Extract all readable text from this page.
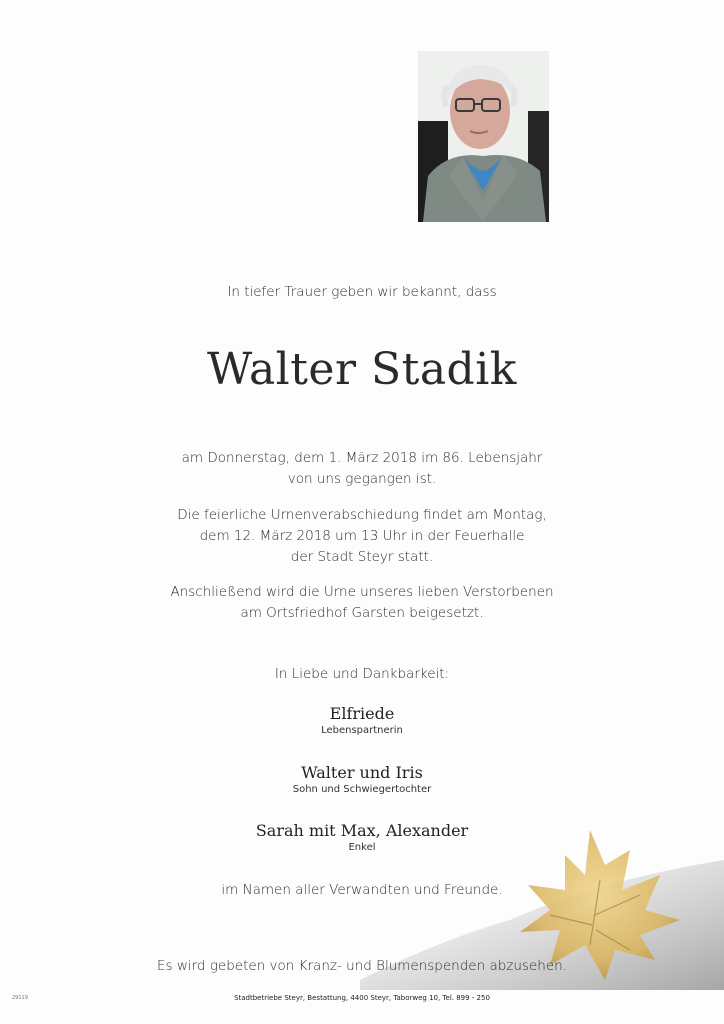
In tiefer Trauer geben wir bekannt, dass
Walter Stadik
am Donnerstag, dem 1. März 2018 im 86. Lebensjahr
von uns gegangen ist.
Die feierliche Urnenverabschiedung findet am Montag,
dem 12. März 2018 um 13 Uhr in der Feuerhalle
der Stadt Steyr statt.
Anschließend wird die Urne unseres lieben Verstorbenen
am Ortsfriedhof Garsten beigesetzt.
In Liebe und Dankbarkeit:
Elfriede
Lebenspartnerin
Walter und Iris
Sohn und Schwiegertochter
Sarah mit Max, Alexander
Enkel
im Namen aller Verwandten und Freunde.
Es wird gebeten von Kranz- und Blumenspenden abzusehen.
Stadtbetriebe Steyr, Bestattung, 4400 Steyr, Taborweg 10, Tel. 899 - 250
29119
